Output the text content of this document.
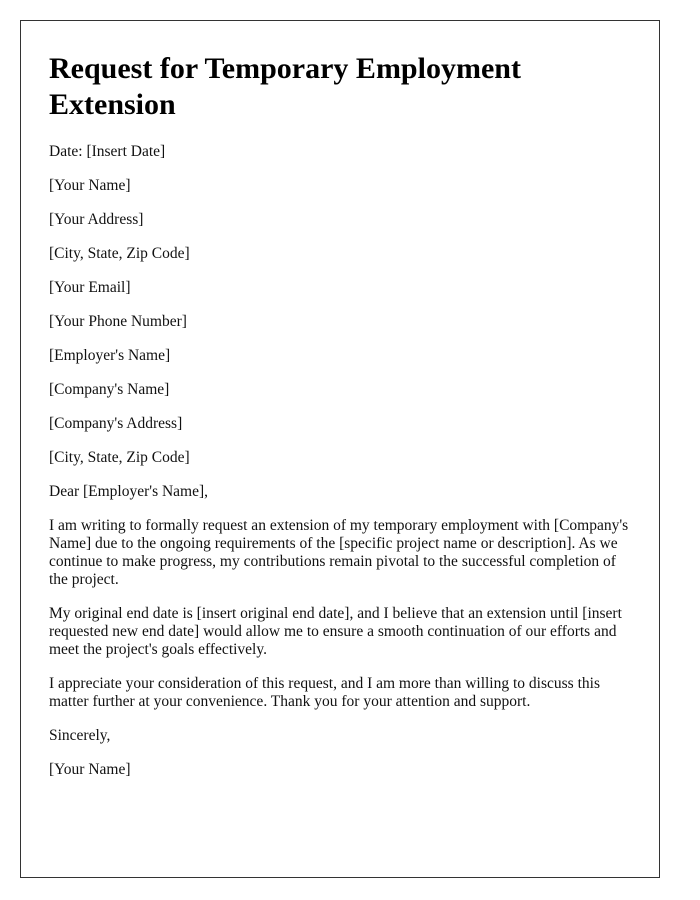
Request for Temporary Employment Extension

Date: [Insert Date]

[Your Name]

[Your Address]

[City, State, Zip Code]

[Your Email]

[Your Phone Number]

[Employer's Name]

[Company's Name]

[Company's Address]

[City, State, Zip Code]

Dear [Employer's Name],

I am writing to formally request an extension of my temporary employment with [Company's Name] due to the ongoing requirements of the [specific project name or description]. As we continue to make progress, my contributions remain pivotal to the successful completion of the project.

My original end date is [insert original end date], and I believe that an extension until [insert requested new end date] would allow me to ensure a smooth continuation of our efforts and meet the project's goals effectively.

I appreciate your consideration of this request, and I am more than willing to discuss this matter further at your convenience. Thank you for your attention and support.

Sincerely,

[Your Name]
